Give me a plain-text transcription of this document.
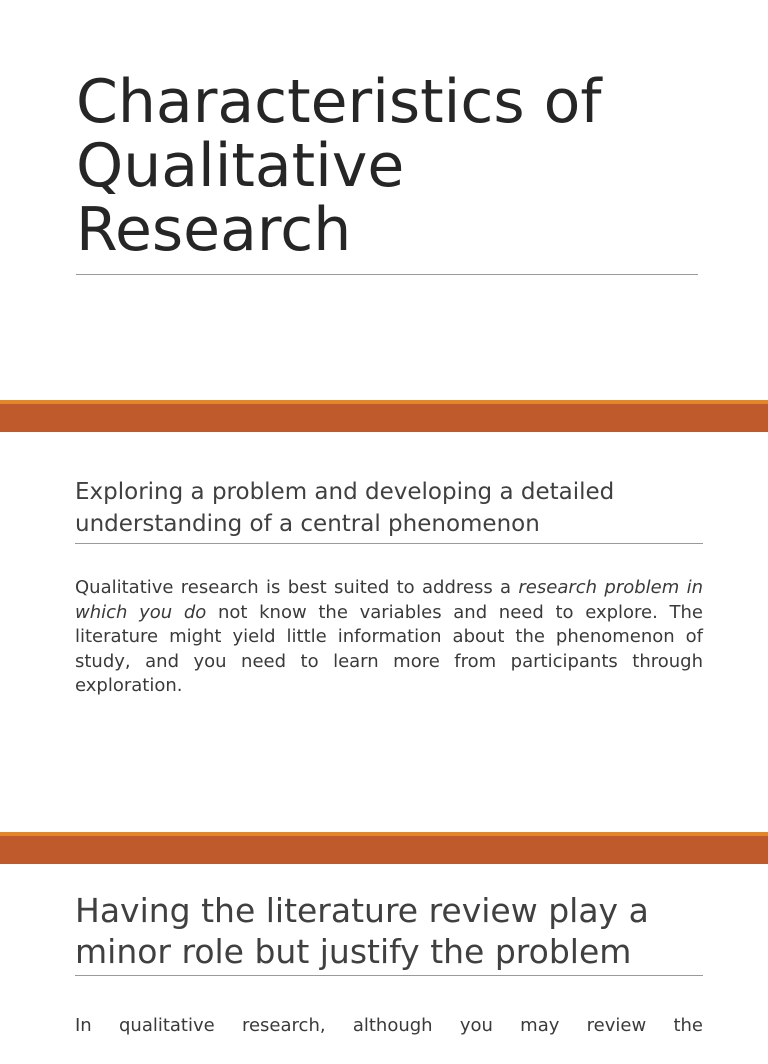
Characteristics of
Qualitative
Research
Exploring a problem and developing a detailed understanding of a central phenomenon

Qualitative research is best suited to address a research problem in which you do not know the variables and need to explore. The literature might yield little information about the phenomenon of study, and you need to learn more from participants through exploration.

Having the literature review play a minor role but justify the problem

In qualitative research, although you may review the
